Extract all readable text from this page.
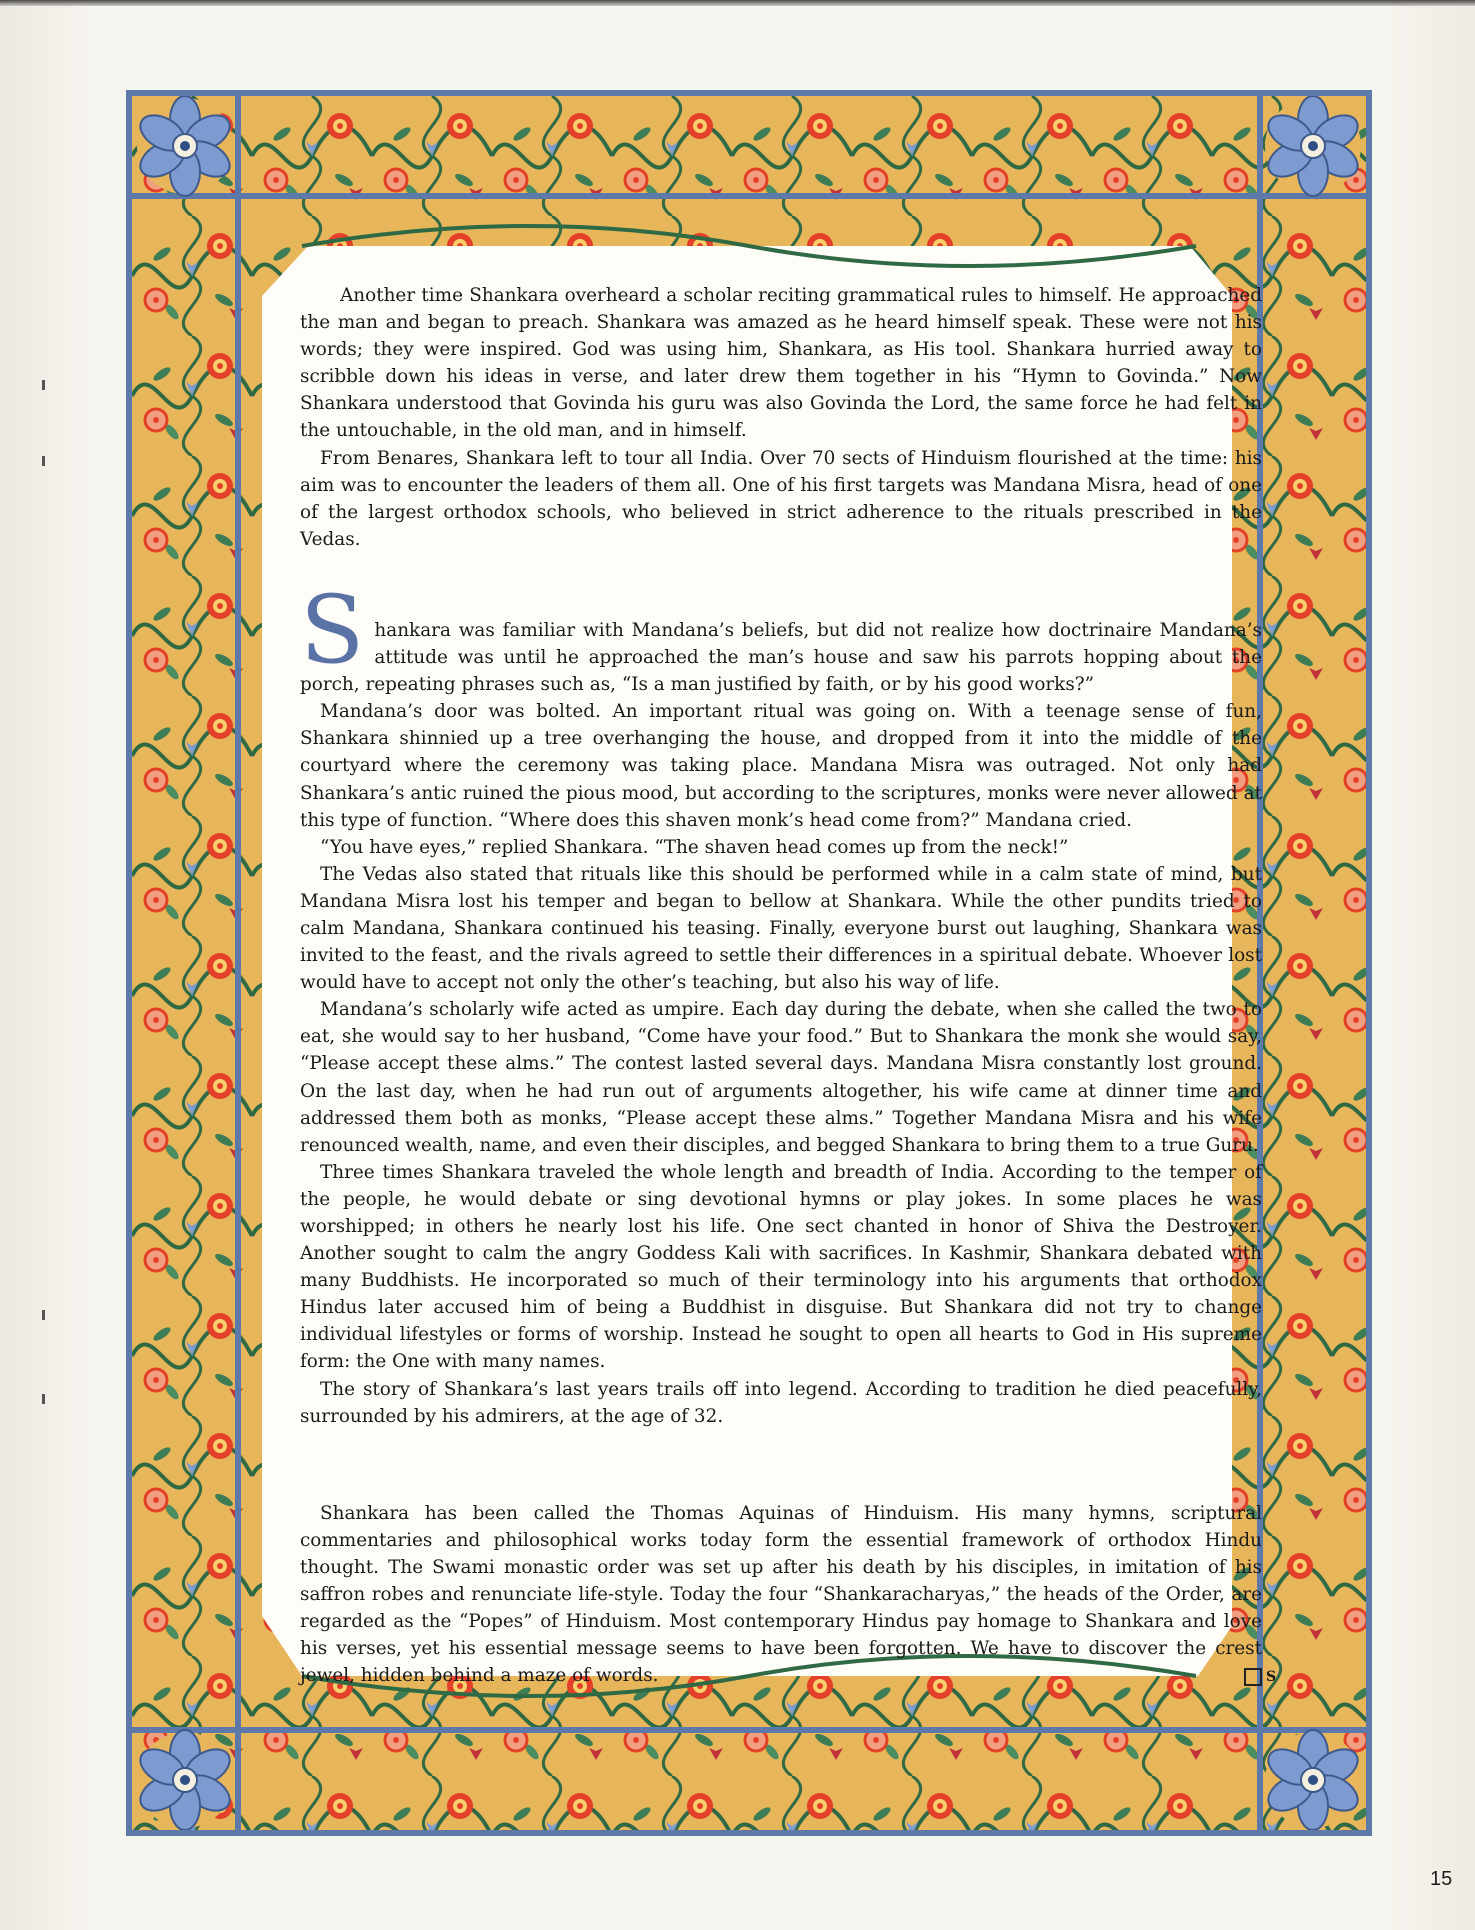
Another time Shankara overheard a scholar reciting grammatical rules to himself. He approached the man and began to preach. Shankara was amazed as he heard himself speak. These were not his words; they were inspired. God was using him, Shankara, as His tool. Shankara hurried away to scribble down his ideas in verse, and later drew them together in his “Hymn to Govinda.” Now Shankara understood that Govinda his guru was also Govinda the Lord, the same force he had felt in the untouchable, in the old man, and in himself.

From Benares, Shankara left to tour all India. Over 70 sects of Hinduism flourished at the time: his aim was to encounter the leaders of them all. One of his first targets was Mandana Misra, head of one of the largest orthodox schools, who believed in strict adherence to the rituals prescribed in the Vedas.

S hankara was familiar with Mandana’s beliefs, but did not realize how doctrinaire Mandana’s attitude was until he approached the man’s house and saw his parrots hopping about the porch, repeating phrases such as, “Is a man justified by faith, or by his good works?”

Mandana’s door was bolted. An important ritual was going on. With a teenage sense of fun, Shankara shinnied up a tree overhanging the house, and dropped from it into the middle of the courtyard where the ceremony was taking place. Mandana Misra was outraged. Not only had Shankara’s antic ruined the pious mood, but according to the scriptures, monks were never allowed at this type of function. “Where does this shaven monk’s head come from?” Mandana cried.

“You have eyes,” replied Shankara. “The shaven head comes up from the neck!”

The Vedas also stated that rituals like this should be performed while in a calm state of mind, but Mandana Misra lost his temper and began to bellow at Shankara. While the other pundits tried to calm Mandana, Shankara continued his teasing. Finally, everyone burst out laughing, Shankara was invited to the feast, and the rivals agreed to settle their differences in a spiritual debate. Whoever lost would have to accept not only the other’s teaching, but also his way of life.

Mandana’s scholarly wife acted as umpire. Each day during the debate, when she called the two to eat, she would say to her husband, “Come have your food.” But to Shankara the monk she would say, “Please accept these alms.” The contest lasted several days. Mandana Misra constantly lost ground. On the last day, when he had run out of arguments altogether, his wife came at dinner time and addressed them both as monks, “Please accept these alms.” Together Mandana Misra and his wife renounced wealth, name, and even their disciples, and begged Shankara to bring them to a true Guru.

Three times Shankara traveled the whole length and breadth of India. According to the temper of the people, he would debate or sing devotional hymns or play jokes. In some places he was worshipped; in others he nearly lost his life. One sect chanted in honor of Shiva the Destroyer. Another sought to calm the angry Goddess Kali with sacrifices. In Kashmir, Shankara debated with many Buddhists. He incorporated so much of their terminology into his arguments that orthodox Hindus later accused him of being a Buddhist in disguise. But Shankara did not try to change individual lifestyles or forms of worship. Instead he sought to open all hearts to God in His supreme form: the One with many names.

The story of Shankara’s last years trails off into legend. According to tradition he died peacefully, surrounded by his admirers, at the age of 32.

Shankara has been called the Thomas Aquinas of Hinduism. His many hymns, scriptural commentaries and philosophical works today form the essential framework of orthodox Hindu thought. The Swami monastic order was set up after his death by his disciples, in imitation of his saffron robes and renunciate life-style. Today the four “Shankaracharyas,” the heads of the Order, are regarded as the “Popes” of Hinduism. Most contemporary Hindus pay homage to Shankara and love his verses, yet his essential message seems to have been forgotten. We have to discover the crest jewel, hidden behind a maze of words.	S

15
